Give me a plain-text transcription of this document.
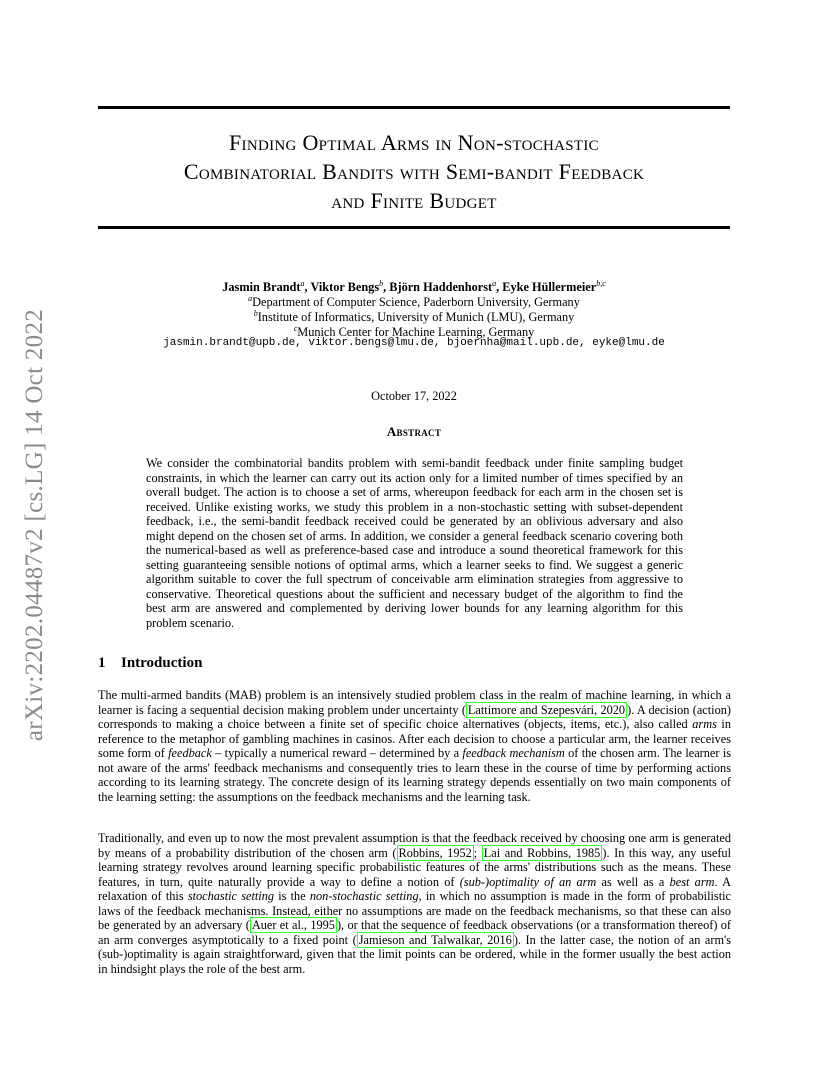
arXiv:2202.04487v2 [cs.LG] 14 Oct 2022
Finding Optimal Arms in Non-stochastic
Combinatorial Bandits with Semi-bandit Feedback
and Finite Budget
Jasmin Brandt$^a$, Viktor Bengs$^b$, Björn Haddenhorst$^a$, Eyke Hüllermeier$^{b,c}$
$^a$Department of Computer Science, Paderborn University, Germany
$^b$Institute of Informatics, University of Munich (LMU), Germany
$^c$Munich Center for Machine Learning, Germany
jasmin.brandt@upb.de, viktor.bengs@lmu.de, bjoernha@mail.upb.de, eyke@lmu.de
October 17, 2022
Abstract
We consider the combinatorial bandits problem with semi-bandit feedback under finite sampling budget constraints, in which the learner can carry out its action only for a limited number of times specified by an overall budget. The action is to choose a set of arms, whereupon feedback for each arm in the chosen set is received. Unlike existing works, we study this problem in a non-stochastic setting with subset-dependent feedback, i.e., the semi-bandit feedback received could be generated by an oblivious adversary and also might depend on the chosen set of arms. In addition, we consider a general feedback scenario covering both the numerical-based as well as preference-based case and introduce a sound theoretical framework for this setting guaranteeing sensible notions of optimal arms, which a learner seeks to find. We suggest a generic algorithm suitable to cover the full spectrum of conceivable arm elimination strategies from aggressive to conservative. Theoretical questions about the sufficient and necessary budget of the algorithm to find the best arm are answered and complemented by deriving lower bounds for any learning algorithm for this problem scenario.
1 Introduction

The multi-armed bandits (MAB) problem is an intensively studied problem class in the realm of machine learning, in which a learner is facing a sequential decision making problem under uncertainty ( Lattimore and Szepesvári, 2020 ). A decision (action) corresponds to making a choice between a finite set of specific choice alternatives (objects, items, etc.), also called arms in reference to the metaphor of gambling machines in casinos. After each decision to choose a particular arm, the learner receives some form of feedback – typically a numerical reward – determined by a feedback mechanism of the chosen arm. The learner is not aware of the arms' feedback mechanisms and consequently tries to learn these in the course of time by performing actions according to its learning strategy. The concrete design of its learning strategy depends essentially on two main components of the learning setting: the assumptions on the feedback mechanisms and the learning task.

Traditionally, and even up to now the most prevalent assumption is that the feedback received by choosing one arm is generated by means of a probability distribution of the chosen arm ( Robbins, 1952 ; Lai and Robbins, 1985 ). In this way, any useful learning strategy revolves around learning specific probabilistic features of the arms' distributions such as the means. These features, in turn, quite naturally provide a way to define a notion of (sub-)optimality of an arm as well as a best arm. A relaxation of this stochastic setting is the non-stochastic setting, in which no assumption is made in the form of probabilistic laws of the feedback mechanisms. Instead, either no assumptions are made on the feedback mechanisms, so that these can also be generated by an adversary ( Auer et al., 1995 ), or that the sequence of feedback observations (or a transformation thereof) of an arm converges asymptotically to a fixed point ( Jamieson and Talwalkar, 2016 ). In the latter case, the notion of an arm's (sub-)optimality is again straightforward, given that the limit points can be ordered, while in the former usually the best action in hindsight plays the role of the best arm.
